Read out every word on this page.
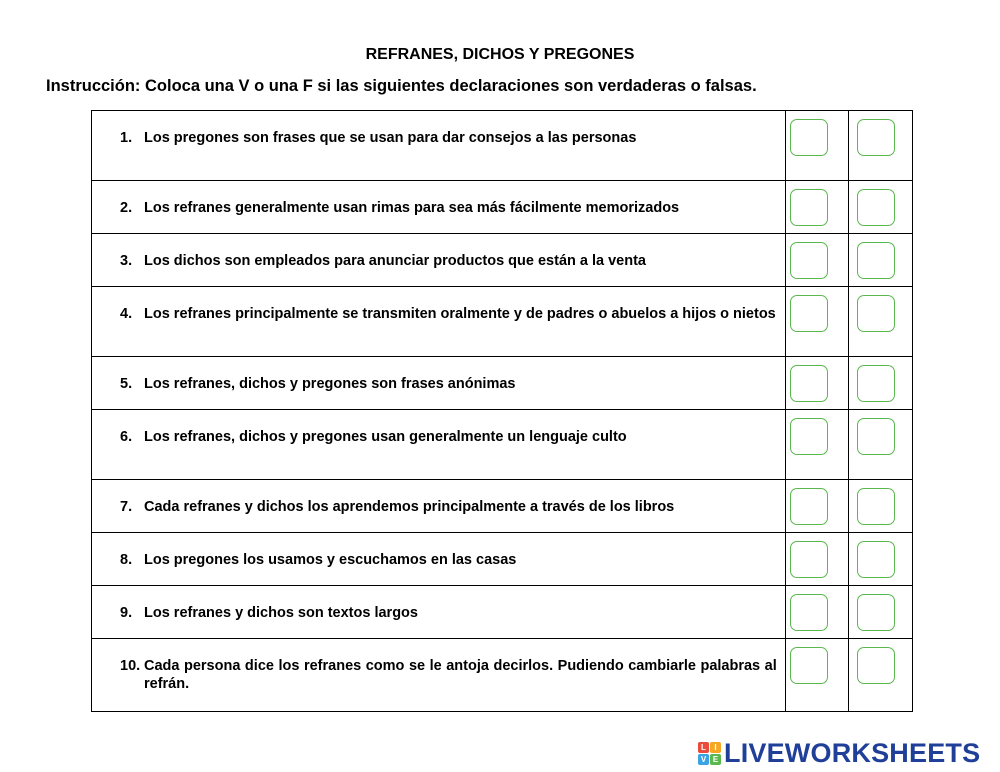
REFRANES, DICHOS Y PREGONES
Instrucción: Coloca una V o una F si las siguientes declaraciones son verdaderas o falsas.
1. Los pregones son frases que se usan para dar consejos a las personas		

2. Los refranes generalmente usan rimas para sea más fácilmente memorizados		

3. Los dichos son empleados para anunciar productos que están a la venta		

4. Los refranes principalmente se transmiten oralmente y de padres o abuelos a hijos o nietos		

5. Los refranes, dichos y pregones son frases anónimas		

6. Los refranes, dichos y pregones usan generalmente un lenguaje culto		

7. Cada refranes y dichos los aprendemos principalmente a través de los libros		

8. Los pregones los usamos y escuchamos en las casas		

9. Los refranes y dichos son textos largos		

10. Cada persona dice los refranes como se le antoja decirlos. Pudiendo cambiarle palabras al refrán.		

L	I
V E LIVEWORKSHEETS
